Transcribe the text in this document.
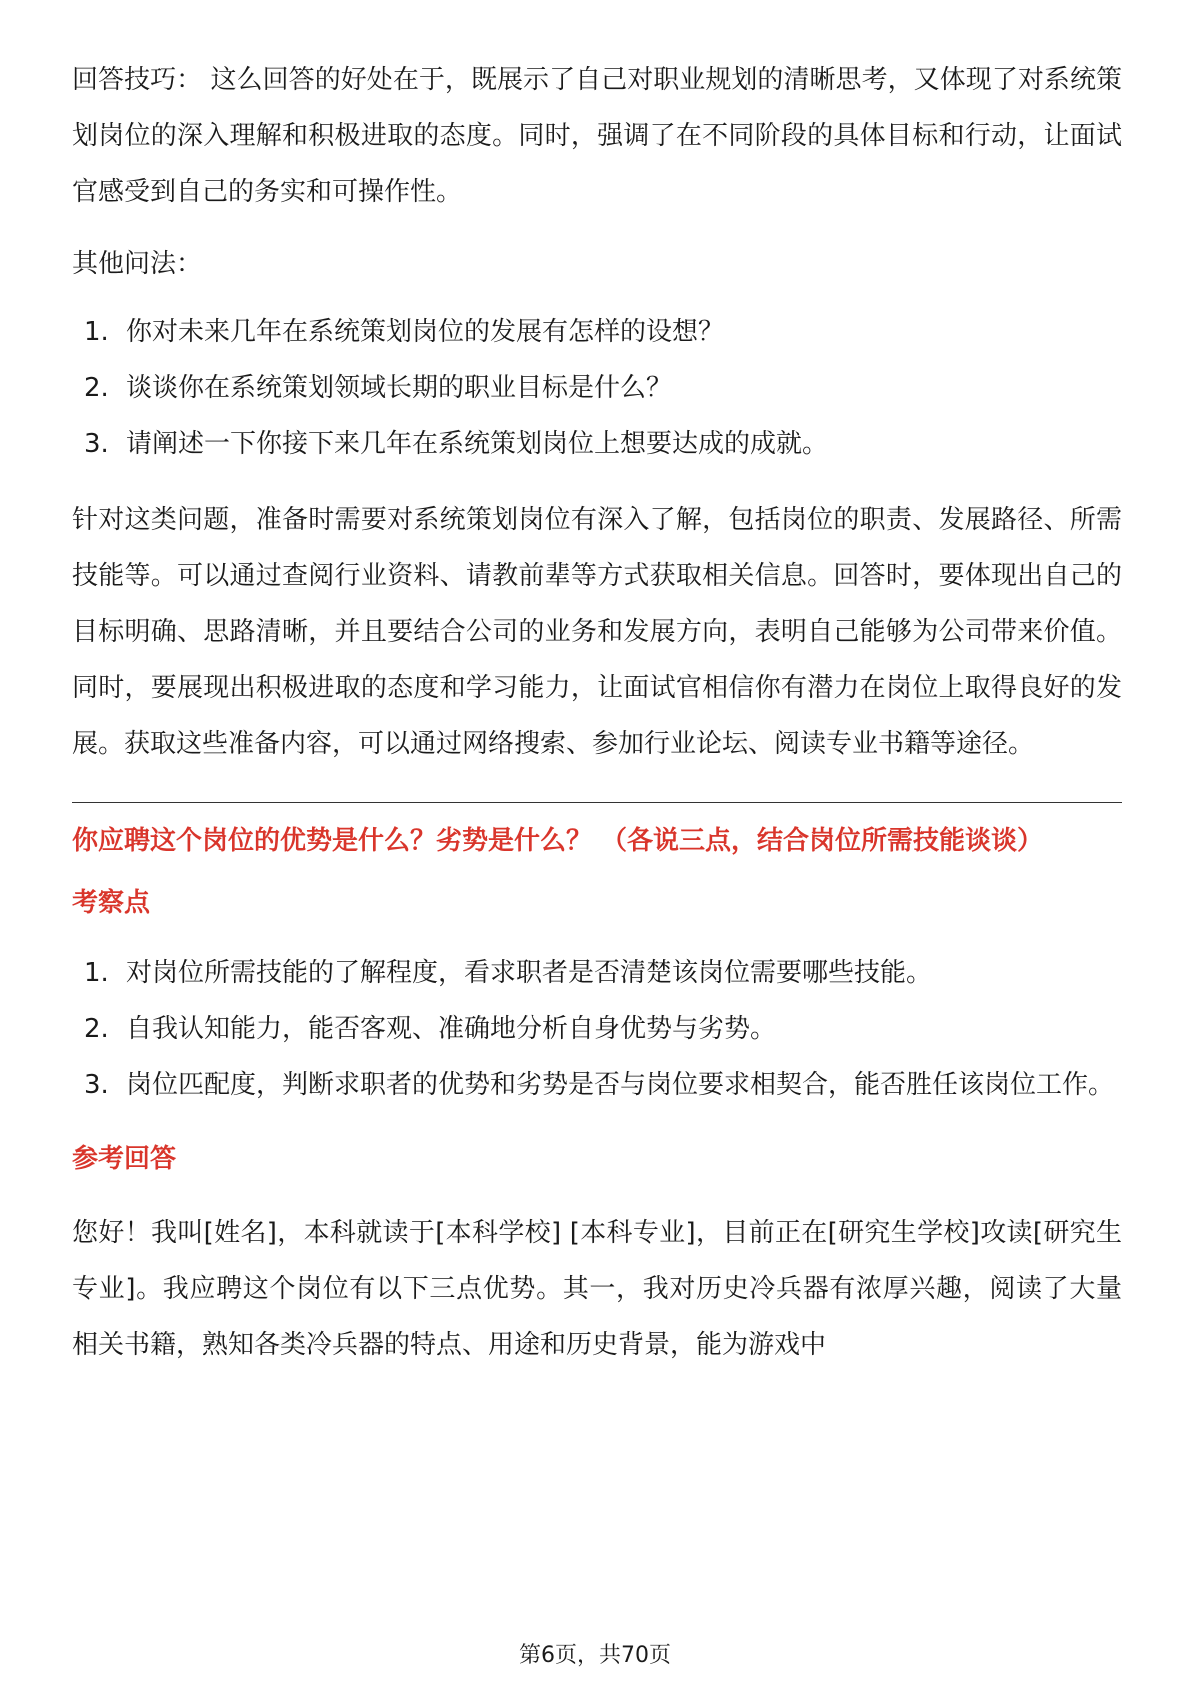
回答技巧： 这么回答的好处在于，既展示了自己对职业规划的清晰思考，又体现了对系统策划岗位的深入理解和积极进取的态度。同时，强调了在不同阶段的具体目标和行动，让面试官感受到自己的务实和可操作性。

其他问法：

1. 你对未来几年在系统策划岗位的发展有怎样的设想？
2. 谈谈你在系统策划领域长期的职业目标是什么？
3. 请阐述一下你接下来几年在系统策划岗位上想要达成的成就。

针对这类问题，准备时需要对系统策划岗位有深入了解，包括岗位的职责、发展路径、所需技能等。可以通过查阅行业资料、请教前辈等方式获取相关信息。回答时，要体现出自己的目标明确、思路清晰，并且要结合公司的业务和发展方向，表明自己能够为公司带来价值。同时，要展现出积极进取的态度和学习能力，让面试官相信你有潜力在岗位上取得良好的发展。获取这些准备内容，可以通过网络搜索、参加行业论坛、阅读专业书籍等途径。

你应聘这个岗位的优势是什么？劣势是什么？ （各说三点，结合岗位所需技能谈谈）

考察点

1. 对岗位所需技能的了解程度，看求职者是否清楚该岗位需要哪些技能。
2. 自我认知能力，能否客观、准确地分析自身优势与劣势。
3. 岗位匹配度，判断求职者的优势和劣势是否与岗位要求相契合，能否胜任该岗位工作。

参考回答

您好！我叫[姓名]，本科就读于[本科学校] [本科专业]，目前正在[研究生学校]攻读[研究生专业]。我应聘这个岗位有以下三点优势。其一，我对历史冷兵器有浓厚兴趣，阅读了大量相关书籍，熟知各类冷兵器的特点、用途和历史背景，能为游戏中

第6页，共70页
